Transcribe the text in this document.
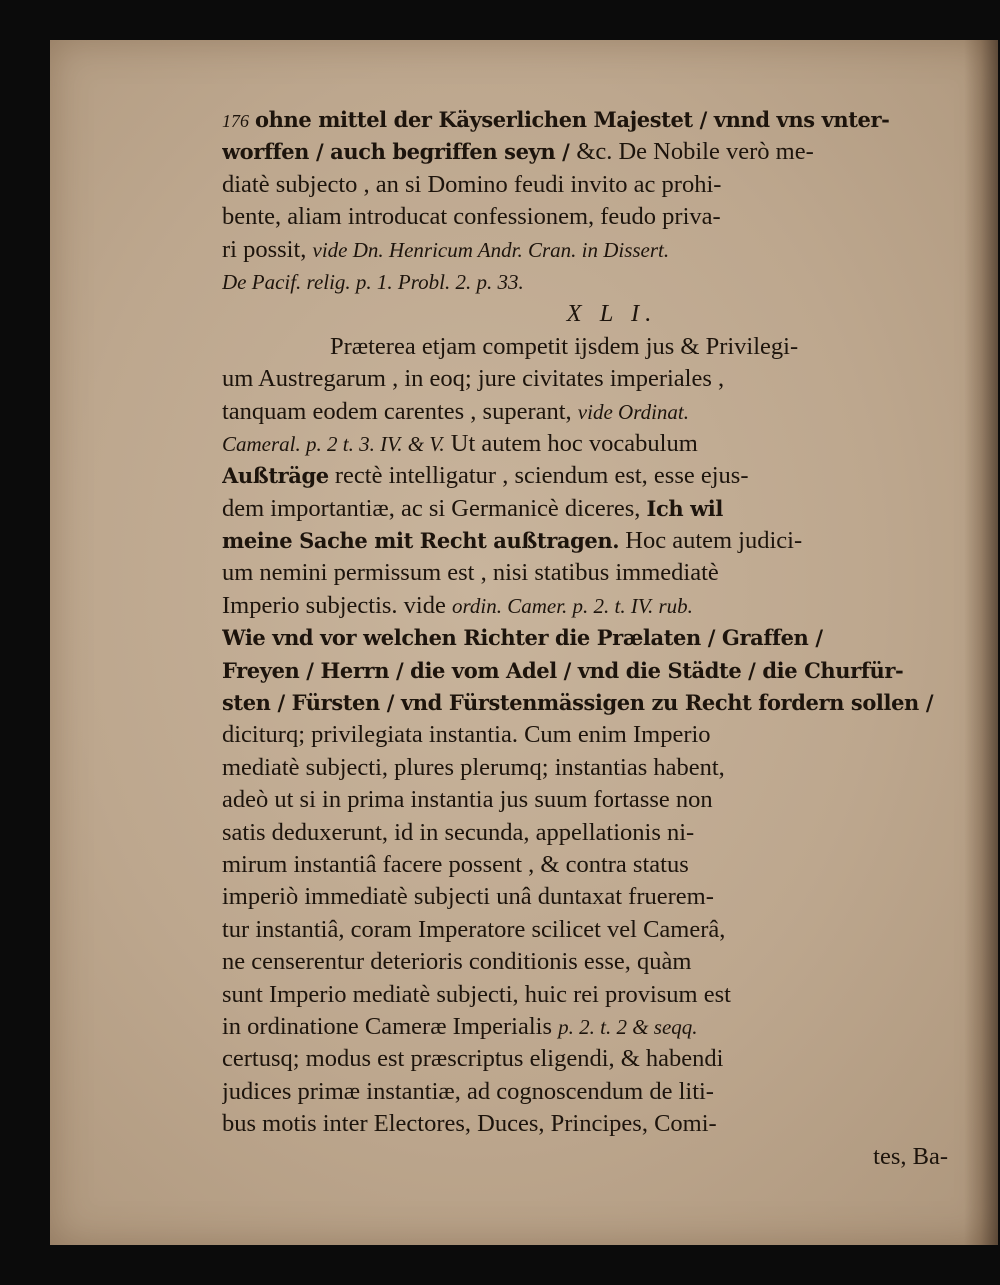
176 ohne mittel der Käyserlichen Majestet / vnnd vns vnter-
worffen / auch begriffen seyn / &c. De Nobile verò me-
diatè subjecto , an si Domino feudi invito ac prohi-
bente, aliam introducat confessionem, feudo priva-
ri possit, vide Dn. Henricum Andr. Cran. in Dissert.
De Pacif. relig. p. 1. Probl. 2. p. 33.
X L I.
Præterea etjam competit ijsdem jus & Privilegi-
um Austregarum , in eoq; jure civitates imperiales ,
tanquam eodem carentes , superant, vide Ordinat.
Cameral. p. 2 t. 3. IV. & V. Ut autem hoc vocabulum
Außträge rectè intelligatur , sciendum est, esse ejus-
dem importantiæ, ac si Germanicè diceres, Ich wil
meine Sache mit Recht außtragen. Hoc autem judici-
um nemini permissum est , nisi statibus immediatè
Imperio subjectis. vide ordin. Camer. p. 2. t. IV. rub.
Wie vnd vor welchen Richter die Prælaten / Graffen /
Freyen / Herrn / die vom Adel / vnd die Städte / die Churfür-
sten / Fürsten / vnd Fürstenmässigen zu Recht fordern sollen /
diciturq; privilegiata instantia. Cum enim Imperio
mediatè subjecti, plures plerumq; instantias habent,
adeò ut si in prima instantia jus suum fortasse non
satis deduxerunt, id in secunda, appellationis ni-
mirum instantiâ facere possent , & contra status
imperiò immediatè subjecti unâ duntaxat fruerem-
tur instantiâ, coram Imperatore scilicet vel Camerâ,
ne censerentur deterioris conditionis esse, quàm
sunt Imperio mediatè subjecti, huic rei provisum est
in ordinatione Cameræ Imperialis p. 2. t. 2 & seqq.
certusq; modus est præscriptus eligendi, & habendi
judices primæ instantiæ, ad cognoscendum de liti-
bus motis inter Electores, Duces, Principes, Comi-
tes, Ba-
